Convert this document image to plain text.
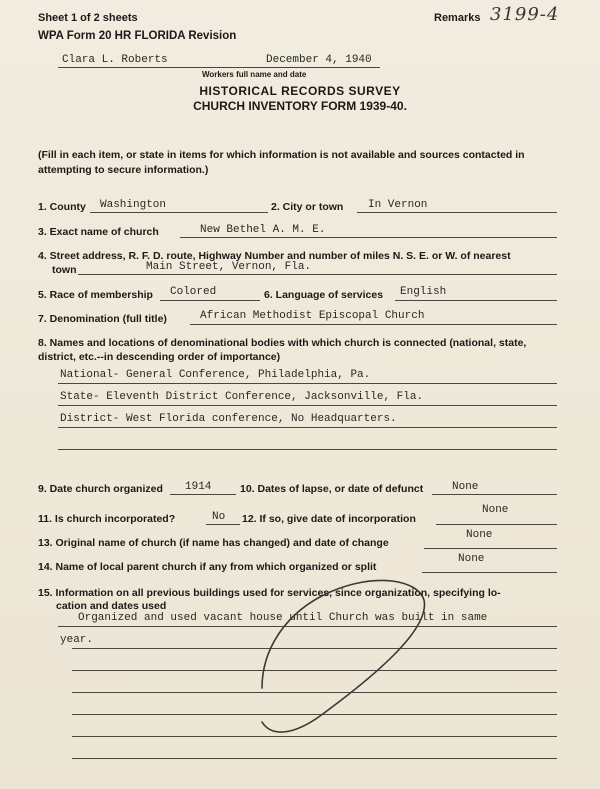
Sheet 1 of 2 sheets
WPA Form 20 HR FLORIDA Revision
Remarks 3199-4
Clara L. Roberts	December 4, 1940
Workers full name and date
HISTORICAL RECORDS SURVEY
CHURCH INVENTORY FORM 1939-40.
(Fill in each item, or state in items for which information is not available and sources contacted in attempting to secure information.)
1. County Washington	2. City or town In Vernon
3. Exact name of church	New Bethel A. M. E.
4. Street address, R. F. D. route, Highway Number and number of miles N. S. E. or W. of nearest
town	Main Street, Vernon, Fla.
5. Race of membership Colored	6. Language of services English
7. Denomination (full title)	African Methodist Episcopal Church
8. Names and locations of denominational bodies with which church is connected (national, state,
district, etc.--in descending order of importance)
National- General Conference, Philadelphia, Pa.
State- Eleventh District Conference, Jacksonville, Fla.
District- West Florida conference, No Headquarters.
9. Date church organized 1914	10. Dates of lapse, or date of defunct	None
11. Is church incorporated?	No 12. If so, give date of incorporation
None
13. Original name of church (if name has changed) and date of change
None
14. Name of local parent church if any from which organized or split
None
15. Information on all previous buildings used for services, since organization, specifying lo-
cation and dates used
Organized and used vacant house until Church was built in same
year.
